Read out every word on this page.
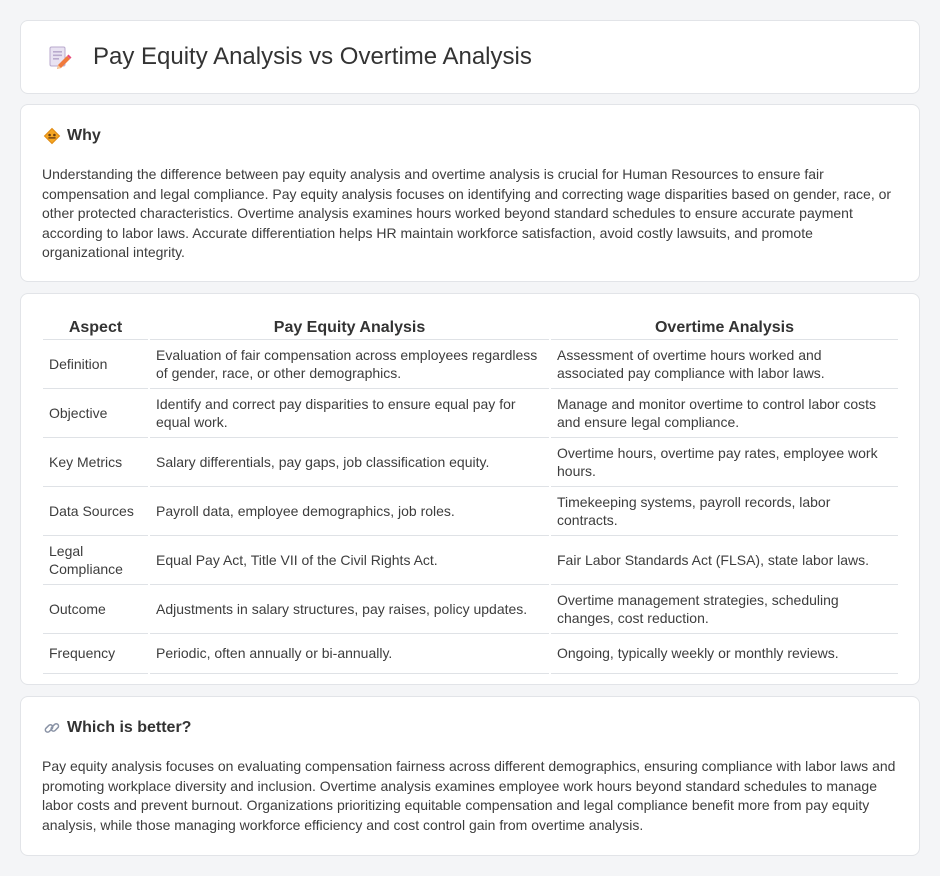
Pay Equity Analysis vs Overtime Analysis
Why

Understanding the difference between pay equity analysis and overtime analysis is crucial for Human Resources to ensure fair compensation and legal compliance. Pay equity analysis focuses on identifying and correcting wage disparities based on gender, race, or other protected characteristics. Overtime analysis examines hours worked beyond standard schedules to ensure accurate payment according to labor laws. Accurate differentiation helps HR maintain workforce satisfaction, avoid costly lawsuits, and promote organizational integrity.

Aspect	Pay Equity Analysis	Overtime Analysis
Definition	Evaluation of fair compensation across employees regardless of gender, race, or other demographics.	Assessment of overtime hours worked and associated pay compliance with labor laws.
Objective	Identify and correct pay disparities to ensure equal pay for equal work.	Manage and monitor overtime to control labor costs and ensure legal compliance.
Key Metrics	Salary differentials, pay gaps, job classification equity.	Overtime hours, overtime pay rates, employee work hours.
Data Sources	Payroll data, employee demographics, job roles.	Timekeeping systems, payroll records, labor contracts.
Legal Compliance	Equal Pay Act, Title VII of the Civil Rights Act.	Fair Labor Standards Act (FLSA), state labor laws.
Outcome	Adjustments in salary structures, pay raises, policy updates.	Overtime management strategies, scheduling changes, cost reduction.
Frequency	Periodic, often annually or bi-annually.	Ongoing, typically weekly or monthly reviews.
Which is better?

Pay equity analysis focuses on evaluating compensation fairness across different demographics, ensuring compliance with labor laws and promoting workplace diversity and inclusion. Overtime analysis examines employee work hours beyond standard schedules to manage labor costs and prevent burnout. Organizations prioritizing equitable compensation and legal compliance benefit more from pay equity analysis, while those managing workforce efficiency and cost control gain from overtime analysis.
